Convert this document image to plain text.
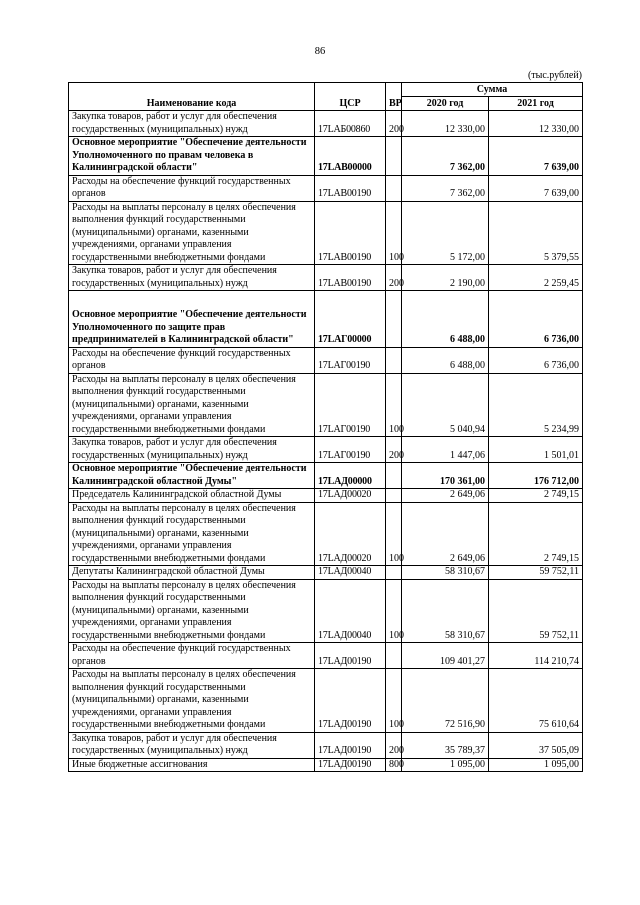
86
(тыс.рублей)
Наименование кода	ЦСР	ВР	Сумма	
			2020 год	2021 год
Закупка товаров, работ и услуг для обеспечения государственных (муниципальных) нужд	17LAБ00860	200	12 330,00	12 330,00
Основное мероприятие "Обеспечение деятельности Уполномоченного по правам человека в Калининградской области"	17LAB00000		7 362,00	7 639,00
Расходы на обеспечение функций государственных органов	17LAB00190		7 362,00	7 639,00
Расходы на выплаты персоналу в целях обеспечения выполнения функций государственными (муниципальными) органами, казенными учреждениями, органами управления государственными внебюджетными фондами	17LAB00190	100	5 172,00	5 379,55
Закупка товаров, работ и услуг для обеспечения государственных (муниципальных) нужд	17LAB00190	200	2 190,00	2 259,45
Основное мероприятие "Обеспечение деятельности Уполномоченного по защите прав предпринимателей в Калининградской области"	17LAГ00000		6 488,00	6 736,00
Расходы на обеспечение функций государственных органов	17LAГ00190		6 488,00	6 736,00
Расходы на выплаты персоналу в целях обеспечения выполнения функций государственными (муниципальными) органами, казенными учреждениями, органами управления государственными внебюджетными фондами	17LAГ00190	100	5 040,94	5 234,99
Закупка товаров, работ и услуг для обеспечения государственных (муниципальных) нужд	17LAГ00190	200	1 447,06	1 501,01
Основное мероприятие "Обеспечение деятельности Калининградской областной Думы"	17LAД00000		170 361,00	176 712,00
Председатель Калининградской областной Думы	17LAД00020		2 649,06	2 749,15
Расходы на выплаты персоналу в целях обеспечения выполнения функций государственными (муниципальными) органами, казенными учреждениями, органами управления государственными внебюджетными фондами	17LAД00020	100	2 649,06	2 749,15
Депутаты Калининградской областной Думы	17LAД00040		58 310,67	59 752,11
Расходы на выплаты персоналу в целях обеспечения выполнения функций государственными (муниципальными) органами, казенными учреждениями, органами управления государственными внебюджетными фондами	17LAД00040	100	58 310,67	59 752,11
Расходы на обеспечение функций государственных органов	17LAД00190		109 401,27	114 210,74
Расходы на выплаты персоналу в целях обеспечения выполнения функций государственными (муниципальными) органами, казенными учреждениями, органами управления государственными внебюджетными фондами	17LAД00190	100	72 516,90	75 610,64
Закупка товаров, работ и услуг для обеспечения государственных (муниципальных) нужд	17LAД00190	200	35 789,37	37 505,09
Иные бюджетные ассигнования	17LAД00190	800	1 095,00	1 095,00
